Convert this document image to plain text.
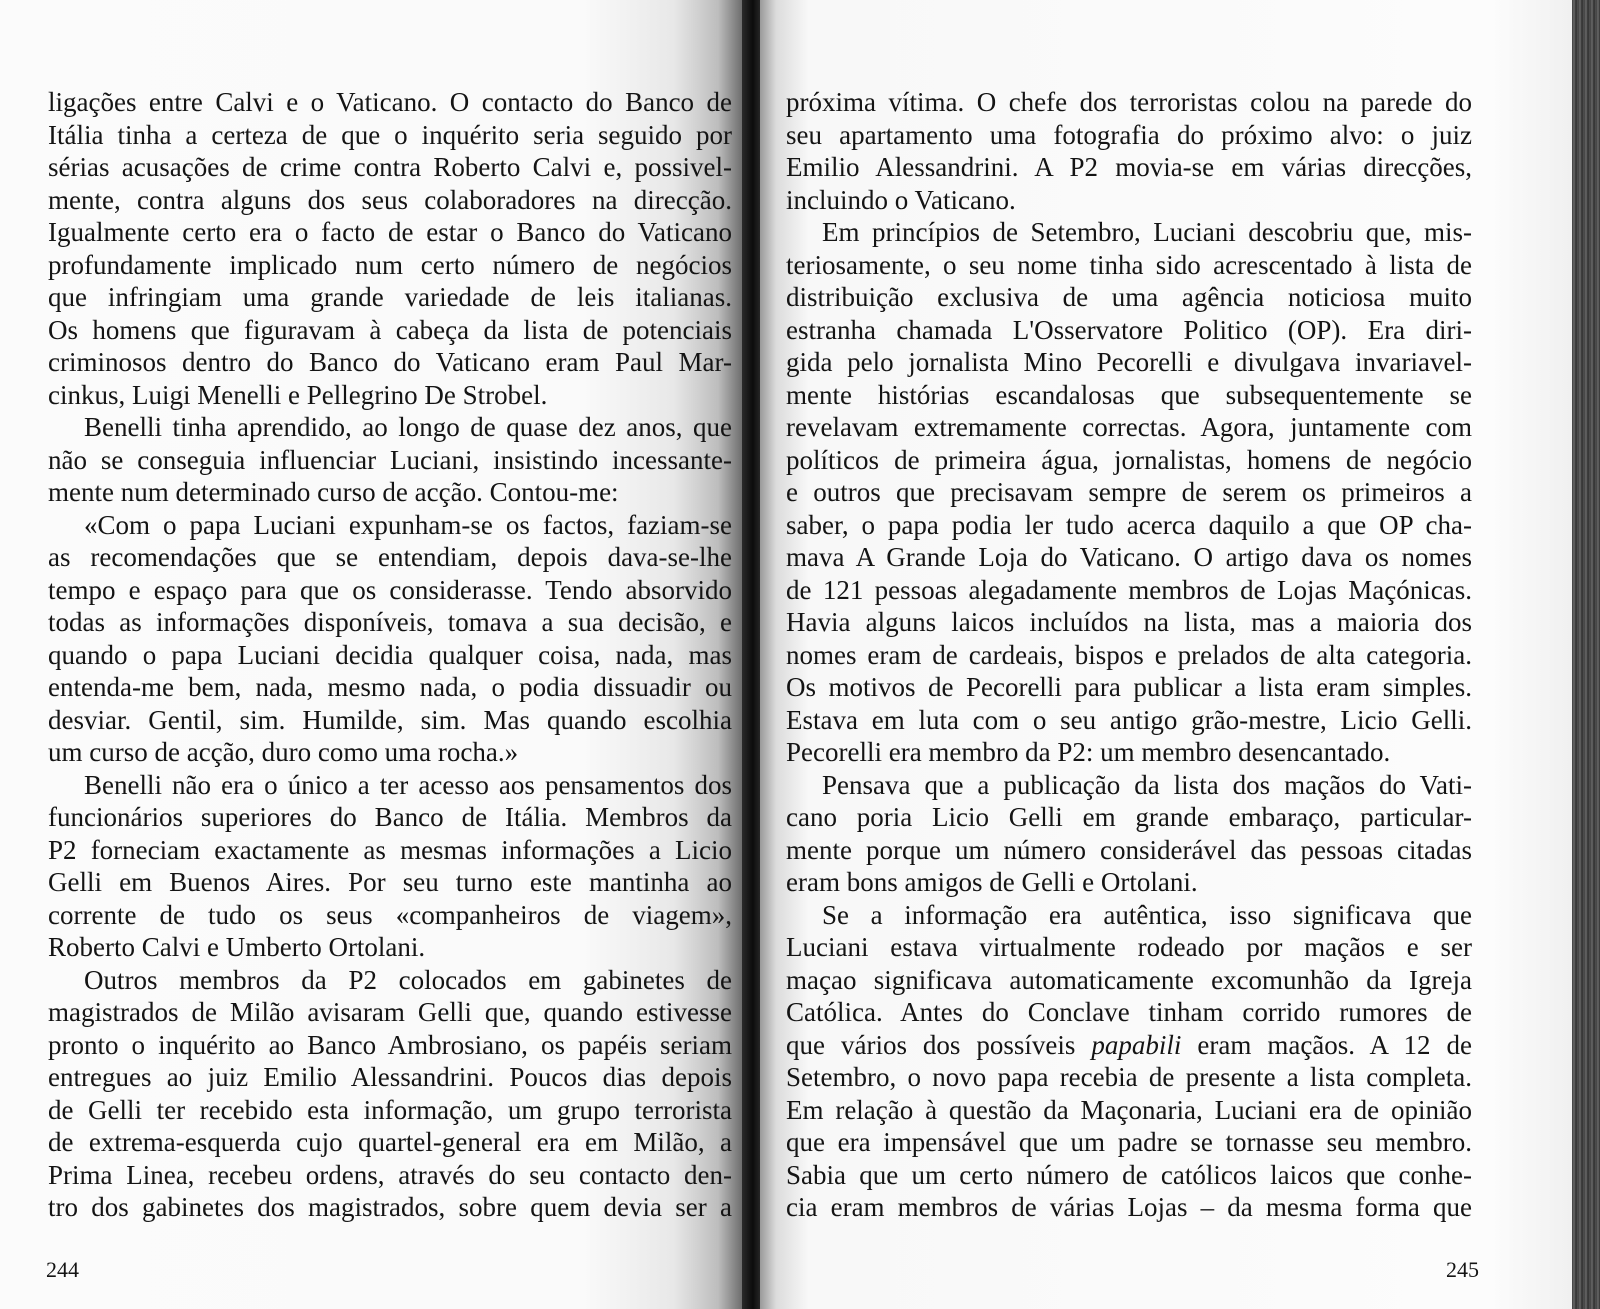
ligações entre Calvi e o Vaticano. O contacto do Banco de
Itália tinha a certeza de que o inquérito seria seguido por
sérias acusações de crime contra Roberto Calvi e, possivel-
mente, contra alguns dos seus colaboradores na direcção.
Igualmente certo era o facto de estar o Banco do Vaticano
profundamente implicado num certo número de negócios
que infringiam uma grande variedade de leis italianas.
Os homens que figuravam à cabeça da lista de potenciais
criminosos dentro do Banco do Vaticano eram Paul Mar-
cinkus, Luigi Menelli e Pellegrino De Strobel.
Benelli tinha aprendido, ao longo de quase dez anos, que
não se conseguia influenciar Luciani, insistindo incessante-
mente num determinado curso de acção. Contou-me:
«Com o papa Luciani expunham-se os factos, faziam-se
as recomendações que se entendiam, depois dava-se-lhe
tempo e espaço para que os considerasse. Tendo absorvido
todas as informações disponíveis, tomava a sua decisão, e
quando o papa Luciani decidia qualquer coisa, nada, mas
entenda-me bem, nada, mesmo nada, o podia dissuadir ou
desviar. Gentil, sim. Humilde, sim. Mas quando escolhia
um curso de acção, duro como uma rocha.»
Benelli não era o único a ter acesso aos pensamentos dos
funcionários superiores do Banco de Itália. Membros da
P2 forneciam exactamente as mesmas informações a Licio
Gelli em Buenos Aires. Por seu turno este mantinha ao
corrente de tudo os seus «companheiros de viagem»,
Roberto Calvi e Umberto Ortolani.
Outros membros da P2 colocados em gabinetes de
magistrados de Milão avisaram Gelli que, quando estivesse
pronto o inquérito ao Banco Ambrosiano, os papéis seriam
entregues ao juiz Emilio Alessandrini. Poucos dias depois
de Gelli ter recebido esta informação, um grupo terrorista
de extrema-esquerda cujo quartel-general era em Milão, a
Prima Linea, recebeu ordens, através do seu contacto den-
tro dos gabinetes dos magistrados, sobre quem devia ser a
244
próxima vítima. O chefe dos terroristas colou na parede do
seu apartamento uma fotografia do próximo alvo: o juiz
Emilio Alessandrini. A P2 movia-se em várias direcções,
incluindo o Vaticano.
Em princípios de Setembro, Luciani descobriu que, mis-
teriosamente, o seu nome tinha sido acrescentado à lista de
distribuição exclusiva de uma agência noticiosa muito
estranha chamada L'Osservatore Politico (OP). Era diri-
gida pelo jornalista Mino Pecorelli e divulgava invariavel-
mente histórias escandalosas que subsequentemente se
revelavam extremamente correctas. Agora, juntamente com
políticos de primeira água, jornalistas, homens de negócio
e outros que precisavam sempre de serem os primeiros a
saber, o papa podia ler tudo acerca daquilo a que OP cha-
mava A Grande Loja do Vaticano. O artigo dava os nomes
de 121 pessoas alegadamente membros de Lojas Maçónicas.
Havia alguns laicos incluídos na lista, mas a maioria dos
nomes eram de cardeais, bispos e prelados de alta categoria.
Os motivos de Pecorelli para publicar a lista eram simples.
Estava em luta com o seu antigo grão-mestre, Licio Gelli.
Pecorelli era membro da P2: um membro desencantado.
Pensava que a publicação da lista dos maçãos do Vati-
cano poria Licio Gelli em grande embaraço, particular-
mente porque um número considerável das pessoas citadas
eram bons amigos de Gelli e Ortolani.
Se a informação era autêntica, isso significava que
Luciani estava virtualmente rodeado por maçãos e ser
maçao significava automaticamente excomunhão da Igreja
Católica. Antes do Conclave tinham corrido rumores de
que vários dos possíveis papabili eram maçãos. A 12 de
Setembro, o novo papa recebia de presente a lista completa.
Em relação à questão da Maçonaria, Luciani era de opinião
que era impensável que um padre se tornasse seu membro.
Sabia que um certo número de católicos laicos que conhe-
cia eram membros de várias Lojas – da mesma forma que
245
